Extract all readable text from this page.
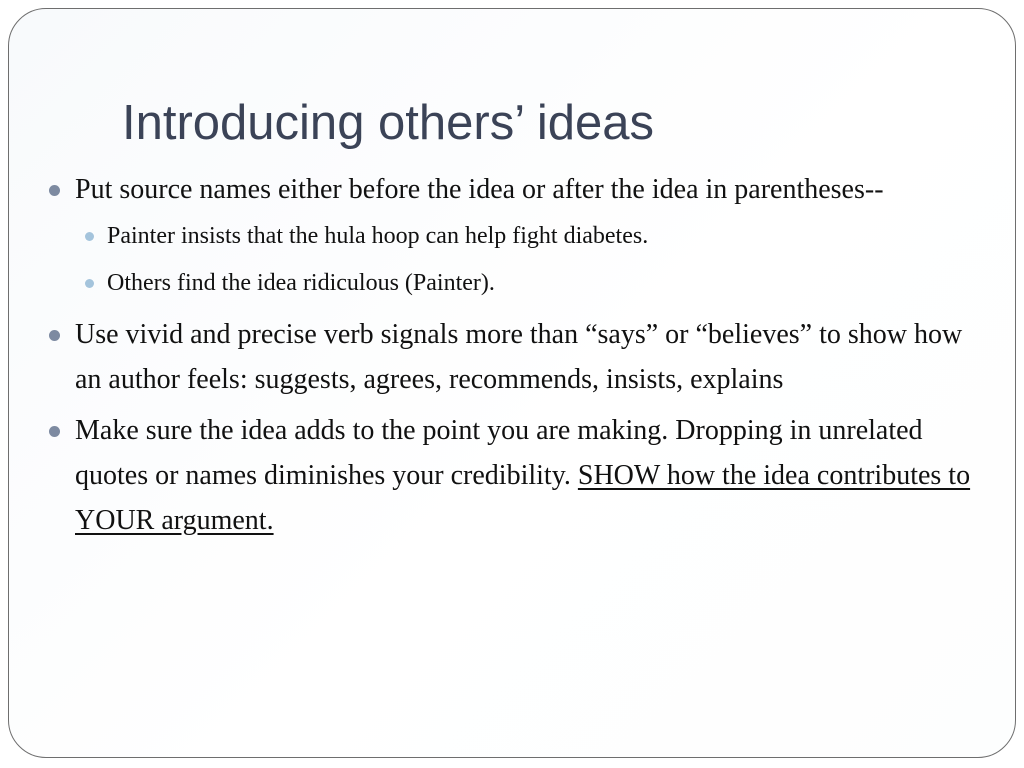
Introducing others’ ideas
Put source names either before the idea or after the idea in parentheses--
Painter insists that the hula hoop can help fight diabetes.
Others find the idea ridiculous (Painter).
Use vivid and precise verb signals more than “says” or “believes” to show how an author feels: suggests, agrees, recommends, insists, explains
Make sure the idea adds to the point you are making. Dropping in unrelated quotes or names diminishes your credibility. SHOW how the idea contributes to YOUR argument.
